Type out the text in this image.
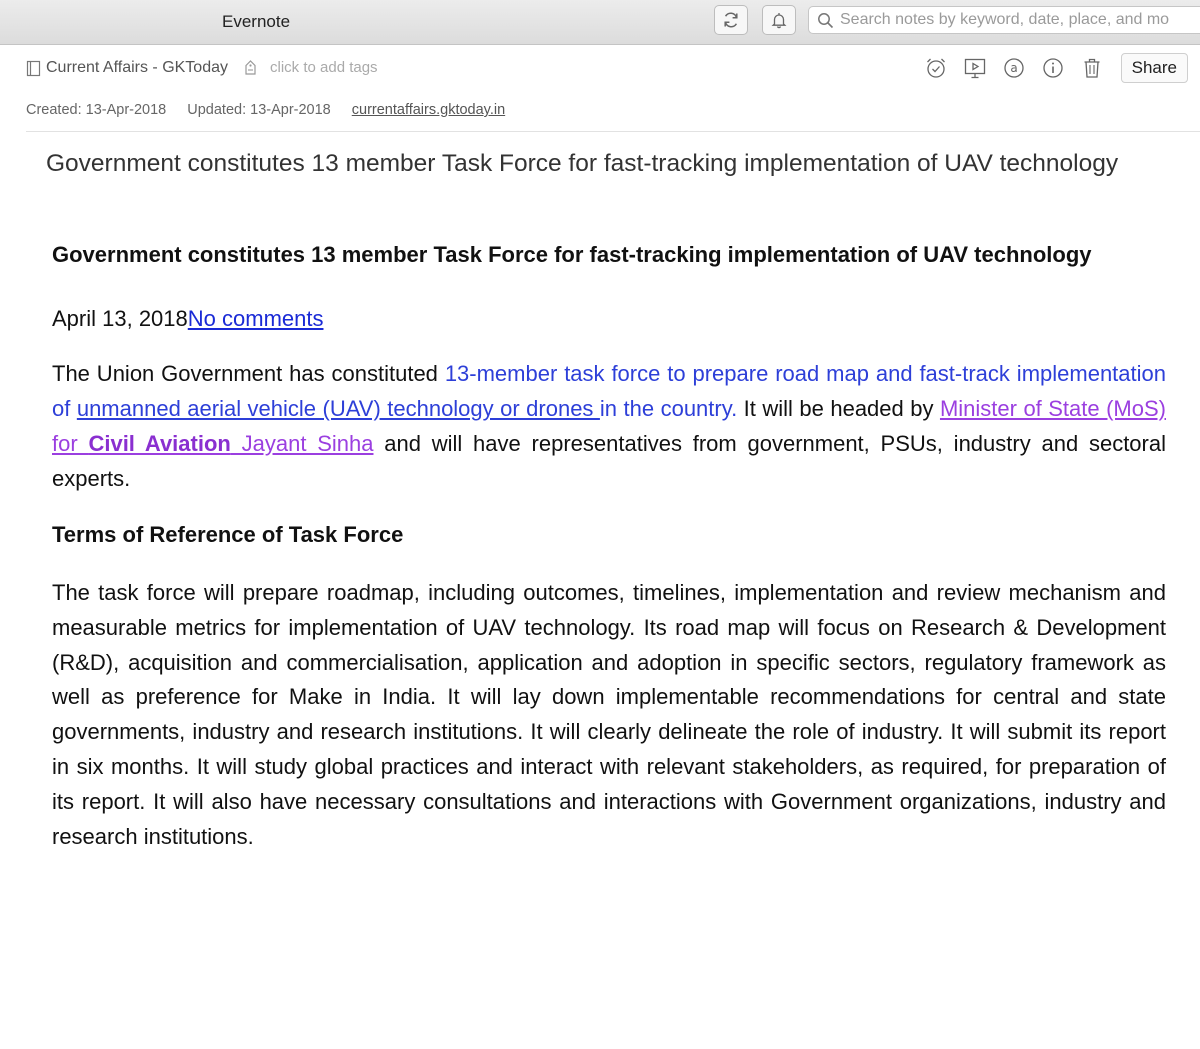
Evernote
Search notes by keyword, date, place, and mo
Current Affairs - GKToday	click to add tags	a	Share
Created: 13-Apr-2018 Updated: 13-Apr-2018 currentaffairs.gktoday.in
Government constitutes 13 member Task Force for fast-tracking implementation of UAV technology
Government constitutes 13 member Task Force for fast-tracking implementation of UAV technology
April 13, 2018No comments
The Union Government has constituted 13-member task force to prepare road map and fast-track implementation of unmanned aerial vehicle (UAV) technology or drones in the country. It will be headed by Minister of State (MoS) for Civil Aviation Jayant Sinha and will have representatives from government, PSUs, industry and sectoral experts.
Terms of Reference of Task Force
The task force will prepare roadmap, including outcomes, timelines, implementation and review mechanism and measurable metrics for implementation of UAV technology. Its road map will focus on Research & Development (R&D), acquisition and commercialisation, application and adoption in specific sectors, regulatory framework as well as preference for Make in India. It will lay down implementable recommendations for central and state governments, industry and research institutions. It will clearly delineate the role of industry. It will submit its report in six months. It will study global practices and interact with relevant stakeholders, as required, for preparation of its report. It will also have necessary consultations and interactions with Government organizations, industry and research institutions.
